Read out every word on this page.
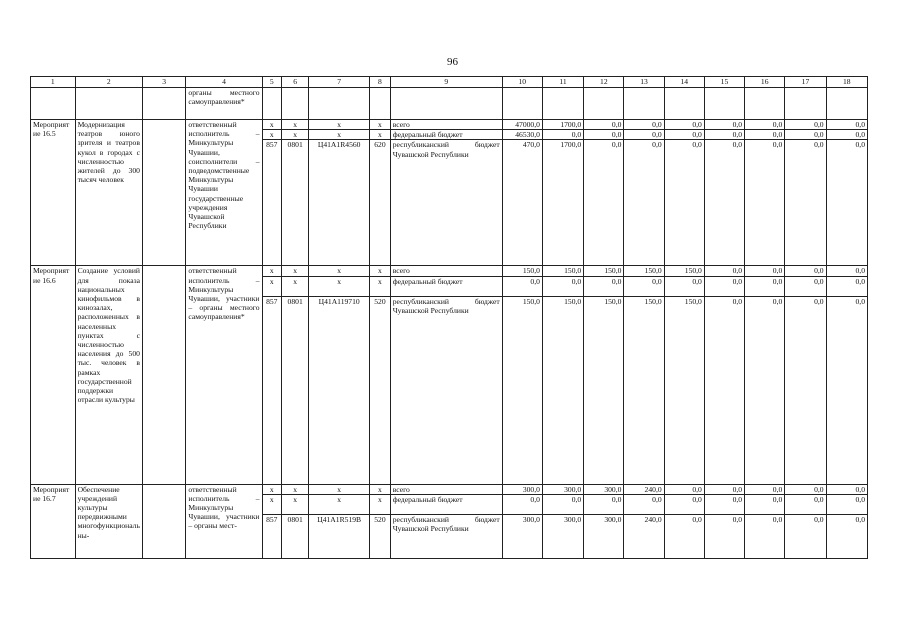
96
1	2	3	4	5	6	7	8	9	10	11	12	13	14	15	16	17	18
			органы местного самоуправления*														
Мероприятие 16.5	Модернизация театров юного зрителя и театров кукол в городах с численностью жителей до 300 тысяч человек		ответственный исполнитель – Минкультуры Чувашии, соисполнители – подведомственные Минкультуры Чувашии государственные учреждения Чувашской Республики	x	x	x	x	всего	47000,0	1700,0	0,0	0,0	0,0	0,0	0,0	0,0	0,0
				x	x	x	x	федеральный бюджет	46530,0	0,0	0,0	0,0	0,0	0,0	0,0	0,0	0,0
				857	0801	Ц41A1R4560	620	республиканский бюджет Чувашской Республики	470,0	1700,0	0,0	0,0	0,0	0,0	0,0	0,0	0,0
Мероприятие 16.6	Создание условий для показа национальных кинофильмов в кинозалах, расположенных в населенных пунктах с численностью населения до 500 тыс. человек в рамках государственной поддержки отрасли культуры		ответственный исполнитель – Минкультуры Чувашии, участники – органы местного самоуправления*	x	x	x	x	всего	150,0	150,0	150,0	150,0	150,0	0,0	0,0	0,0	0,0
				x	x	x	x	федеральный бюджет	0,0	0,0	0,0	0,0	0,0	0,0	0,0	0,0	0,0
				857	0801	Ц41A119710	520	республиканский бюджет Чувашской Республики	150,0	150,0	150,0	150,0	150,0	0,0	0,0	0,0	0,0
Мероприятие 16.7	Обеспечение учреждений культуры передвижными многофункциональны-		ответственный исполнитель – Минкультуры Чувашии, участники – органы мест-	x	x	x	x	всего	300,0	300,0	300,0	240,0	0,0	0,0	0,0	0,0	0,0
				x	x	x	x	федеральный бюджет	0,0	0,0	0,0	0,0	0,0	0,0	0,0	0,0	0,0
				857	0801	Ц41A1R519B	520	республиканский бюджет Чувашской Республики	300,0	300,0	300,0	240,0	0,0	0,0	0,0	0,0	0,0
